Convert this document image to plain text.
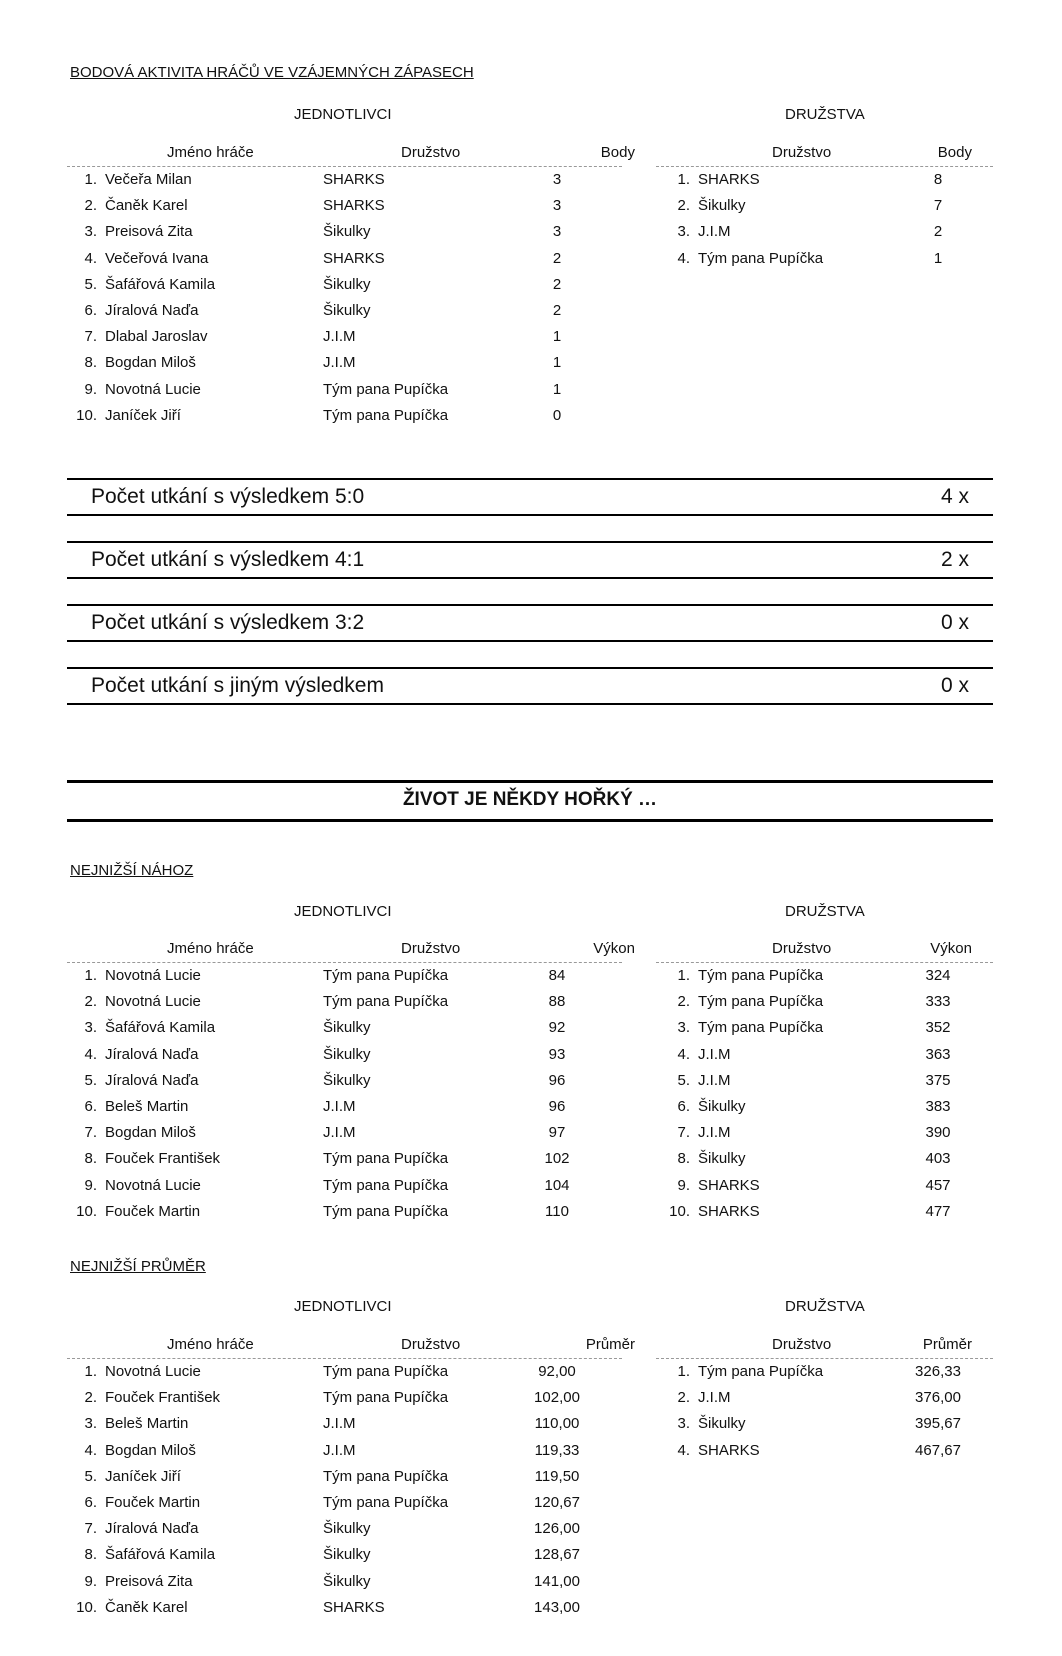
BODOVÁ AKTIVITA HRÁČŮ VE VZÁJEMNÝCH ZÁPASECH
JEDNOTLIVCI	DRUŽSTVA
Jméno hráče	Družstvo	Body
1. Večeřa Milan	SHARKS	3
2. Čaněk Karel	SHARKS	3
3. Preisová Zita	Šikulky	3
4. Večeřová Ivana	SHARKS	2
5. Šafářová Kamila	Šikulky	2
6. Jíralová Naďa	Šikulky	2
7. Dlabal Jaroslav	J.I.M	1
8. Bogdan Miloš	J.I.M	1
9. Novotná Lucie	Tým pana Pupíčka	1
10. Janíček Jiří	Tým pana Pupíčka	0
Družstvo	Body
1. SHARKS	8
2. Šikulky	7
3. J.I.M	2
4. Tým pana Pupíčka	1
Počet utkání s výsledkem 5:0	4 x
Počet utkání s výsledkem 4:1	2 x
Počet utkání s výsledkem 3:2	0 x
Počet utkání s jiným výsledkem	0 x
ŽIVOT JE NĚKDY HOŘKÝ …
NEJNIŽŠÍ NÁHOZ
JEDNOTLIVCI	DRUŽSTVA
Jméno hráče	Družstvo	Výkon
1. Novotná Lucie	Tým pana Pupíčka	84
2. Novotná Lucie	Tým pana Pupíčka	88
3. Šafářová Kamila	Šikulky	92
4. Jíralová Naďa	Šikulky	93
5. Jíralová Naďa	Šikulky	96
6. Beleš Martin	J.I.M	96
7. Bogdan Miloš	J.I.M	97
8. Fouček František	Tým pana Pupíčka	102
9. Novotná Lucie	Tým pana Pupíčka	104
10. Fouček Martin	Tým pana Pupíčka	110
Družstvo	Výkon
1. Tým pana Pupíčka	324
2. Tým pana Pupíčka	333
3. Tým pana Pupíčka	352
4. J.I.M	363
5. J.I.M	375
6. Šikulky	383
7. J.I.M	390
8. Šikulky	403
9. SHARKS	457
10. SHARKS	477
NEJNIŽŠÍ PRŮMĚR
JEDNOTLIVCI	DRUŽSTVA
Jméno hráče	Družstvo	Průměr
1. Novotná Lucie	Tým pana Pupíčka	92,00
2. Fouček František	Tým pana Pupíčka	102,00
3. Beleš Martin	J.I.M	110,00
4. Bogdan Miloš	J.I.M	119,33
5. Janíček Jiří	Tým pana Pupíčka	119,50
6. Fouček Martin	Tým pana Pupíčka	120,67
7. Jíralová Naďa	Šikulky	126,00
8. Šafářová Kamila	Šikulky	128,67
9. Preisová Zita	Šikulky	141,00
10. Čaněk Karel	SHARKS	143,00
Družstvo	Průměr
1. Tým pana Pupíčka	326,33
2. J.I.M	376,00
3. Šikulky	395,67
4. SHARKS	467,67
